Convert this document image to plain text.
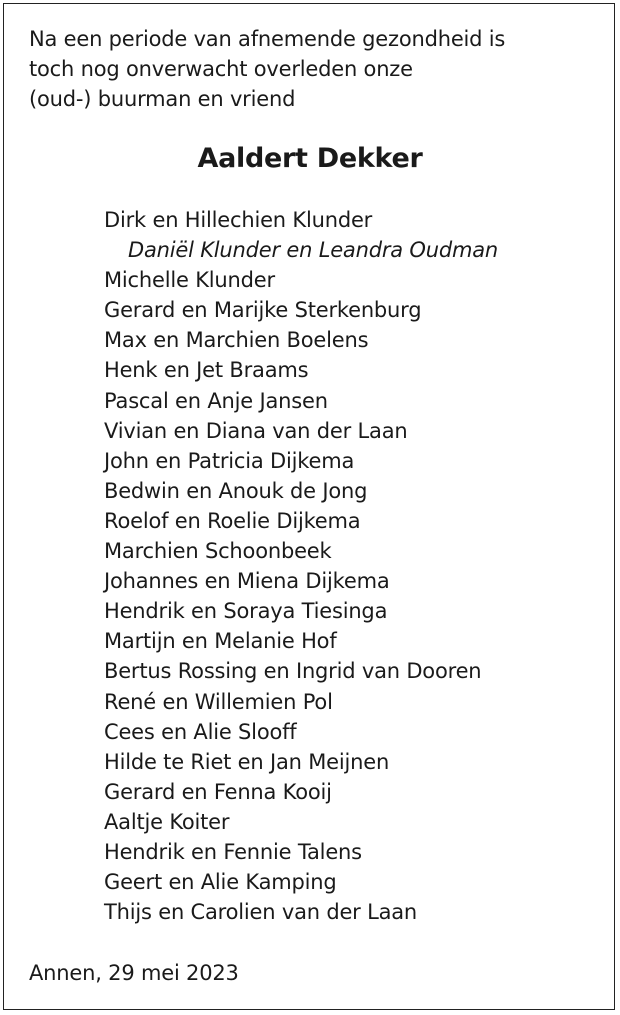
Na een periode van afnemende gezondheid is
toch nog onverwacht overleden onze
(oud-) buurman en vriend
Aaldert Dekker
Dirk en Hillechien Klunder
Daniël Klunder en Leandra Oudman
Michelle Klunder
Gerard en Marijke Sterkenburg
Max en Marchien Boelens
Henk en Jet Braams
Pascal en Anje Jansen
Vivian en Diana van der Laan
John en Patricia Dijkema
Bedwin en Anouk de Jong
Roelof en Roelie Dijkema
Marchien Schoonbeek
Johannes en Miena Dijkema
Hendrik en Soraya Tiesinga
Martijn en Melanie Hof
Bertus Rossing en Ingrid van Dooren
René en Willemien Pol
Cees en Alie Slooff
Hilde te Riet en Jan Meijnen
Gerard en Fenna Kooij
Aaltje Koiter
Hendrik en Fennie Talens
Geert en Alie Kamping
Thijs en Carolien van der Laan
Annen, 29 mei 2023
